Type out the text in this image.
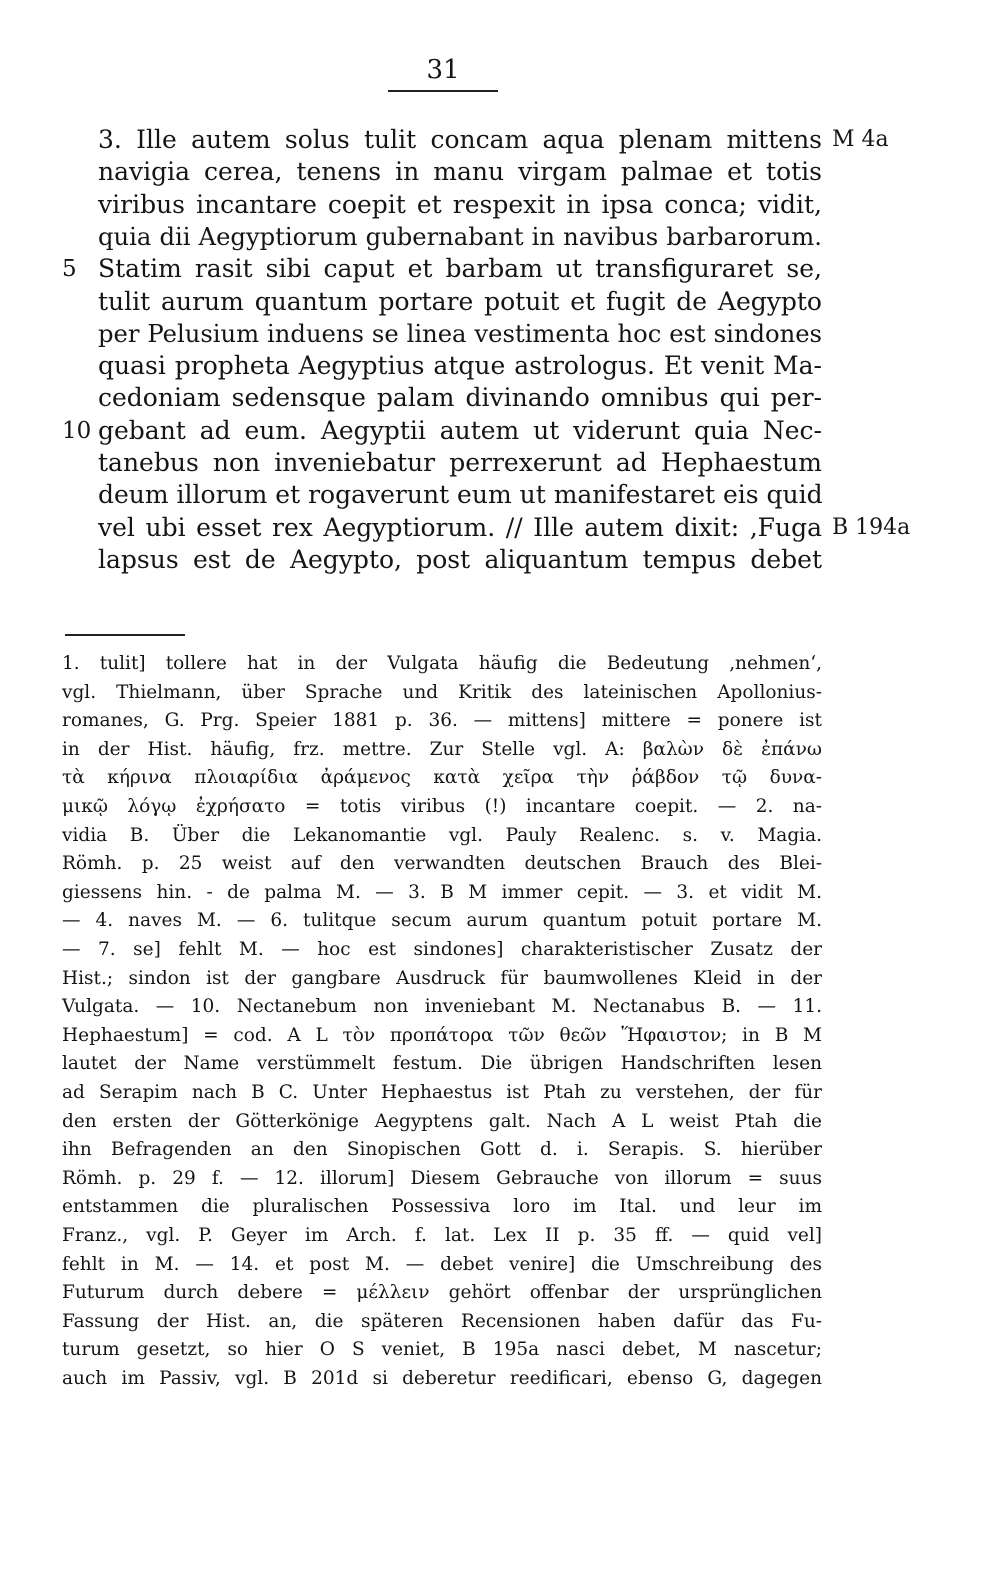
31
3. Ille autem solus tulit concam aqua plenam mittens M 4a
navigia cerea, tenens in manu virgam palmae et totis
viribus incantare coepit et respexit in ipsa conca; vidit,
quia dii Aegyptiorum gubernabant in navibus barbarorum.
Statim rasit sibi caput et barbam ut transfiguraret se,
5
tulit aurum quantum portare potuit et fugit de Aegypto
per Pelusium induens se linea vestimenta hoc est sindones
quasi propheta Aegyptius atque astrologus. Et venit Ma-
cedoniam sedensque palam divinando omnibus qui per-
gebant ad eum. Aegyptii autem ut viderunt quia Nec-
10
tanebus non inveniebatur perrexerunt ad Hephaestum
deum illorum et rogaverunt eum ut manifestaret eis quid
vel ubi esset rex Aegyptiorum. // Ille autem dixit: ‚Fuga B 194a
lapsus est de Aegypto, post aliquantum tempus debet
1. tulit] tollere hat in der Vulgata häufig die Bedeutung ‚nehmen‘,
vgl. Thielmann, über Sprache und Kritik des lateinischen Apollonius-
romanes, G. Prg. Speier 1881 p. 36. — mittens] mittere = ponere ist
in der Hist. häufig, frz. mettre. Zur Stelle vgl. A: βαλὼν δὲ ἐπάνω
τὰ κήρινα πλοιαρίδια ἀράμενος κατὰ χεῖρα τὴν ῥάβδον τῷ δυνα-
μικῷ λόγῳ ἐχρήσατο = totis viribus (!) incantare coepit. — 2. na-
vidia B. Über die Lekanomantie vgl. Pauly Realenc. s. v. Magia.
Römh. p. 25 weist auf den verwandten deutschen Brauch des Blei-
giessens hin. - de palma M. — 3. B M immer cepit. — 3. et vidit M.
— 4. naves M. — 6. tulitque secum aurum quantum potuit portare M.
— 7. se] fehlt M. — hoc est sindones] charakteristischer Zusatz der
Hist.; sindon ist der gangbare Ausdruck für baumwollenes Kleid in der
Vulgata. — 10. Nectanebum non inveniebant M. Nectanabus B. — 11.
Hephaestum] = cod. A L τὸν προπάτορα τῶν θεῶν Ἥφαιστον; in B M
lautet der Name verstümmelt festum. Die übrigen Handschriften lesen
ad Serapim nach B C. Unter Hephaestus ist Ptah zu verstehen, der für
den ersten der Götterkönige Aegyptens galt. Nach A L weist Ptah die
ihn Befragenden an den Sinopischen Gott d. i. Serapis. S. hierüber
Römh. p. 29 f. — 12. illorum] Diesem Gebrauche von illorum = suus
entstammen die pluralischen Possessiva loro im Ital. und leur im
Franz., vgl. P. Geyer im Arch. f. lat. Lex II p. 35 ff. — quid vel]
fehlt in M. — 14. et post M. — debet venire] die Umschreibung des
Futurum durch debere = μέλλειν gehört offenbar der ursprünglichen
Fassung der Hist. an, die späteren Recensionen haben dafür das Fu-
turum gesetzt, so hier O S veniet, B 195a nasci debet, M nascetur;
auch im Passiv, vgl. B 201d si deberetur reedificari, ebenso G, dagegen
